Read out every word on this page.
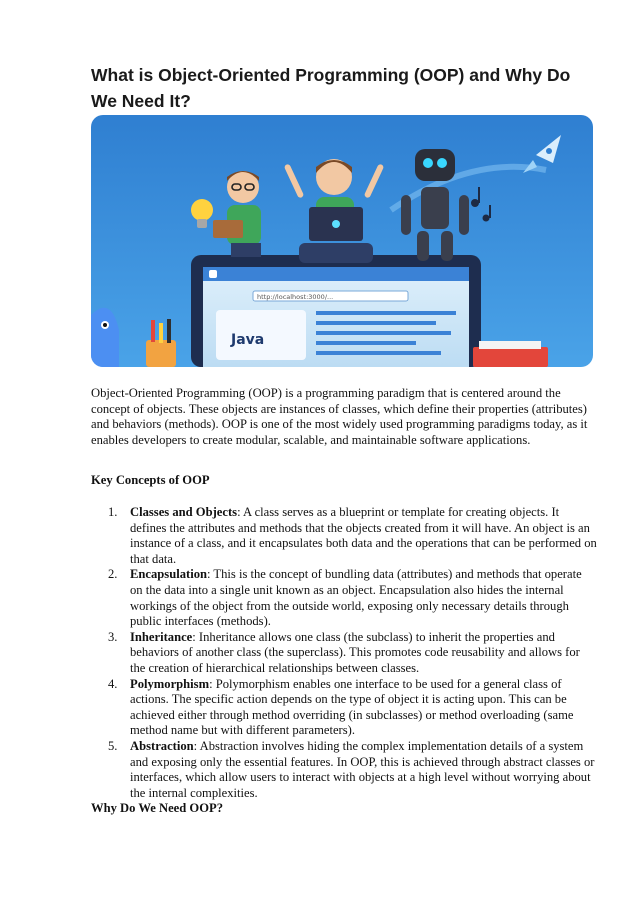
What is Object-Oriented Programming (OOP) and Why Do We Need It?
http://localhost:3000/...
Java

Object-Oriented Programming (OOP) is a programming paradigm that is centered around the concept of objects. These objects are instances of classes, which define their properties (attributes) and behaviors (methods). OOP is one of the most widely used programming paradigms today, as it enables developers to create modular, scalable, and maintainable software applications.

Key Concepts of OOP

1. Classes and Objects: A class serves as a blueprint or template for creating objects. It defines the attributes and methods that the objects created from it will have. An object is an instance of a class, and it encapsulates both data and the operations that can be performed on that data.
2. Encapsulation: This is the concept of bundling data (attributes) and methods that operate on the data into a single unit known as an object. Encapsulation also hides the internal workings of the object from the outside world, exposing only necessary details through public interfaces (methods).
3. Inheritance: Inheritance allows one class (the subclass) to inherit the properties and behaviors of another class (the superclass). This promotes code reusability and allows for the creation of hierarchical relationships between classes.
4. Polymorphism: Polymorphism enables one interface to be used for a general class of actions. The specific action depends on the type of object it is acting upon. This can be achieved either through method overriding (in subclasses) or method overloading (same method name but with different parameters).
5. Abstraction: Abstraction involves hiding the complex implementation details of a system and exposing only the essential features. In OOP, this is achieved through abstract classes or interfaces, which allow users to interact with objects at a high level without worrying about the internal complexities.

Why Do We Need OOP?
